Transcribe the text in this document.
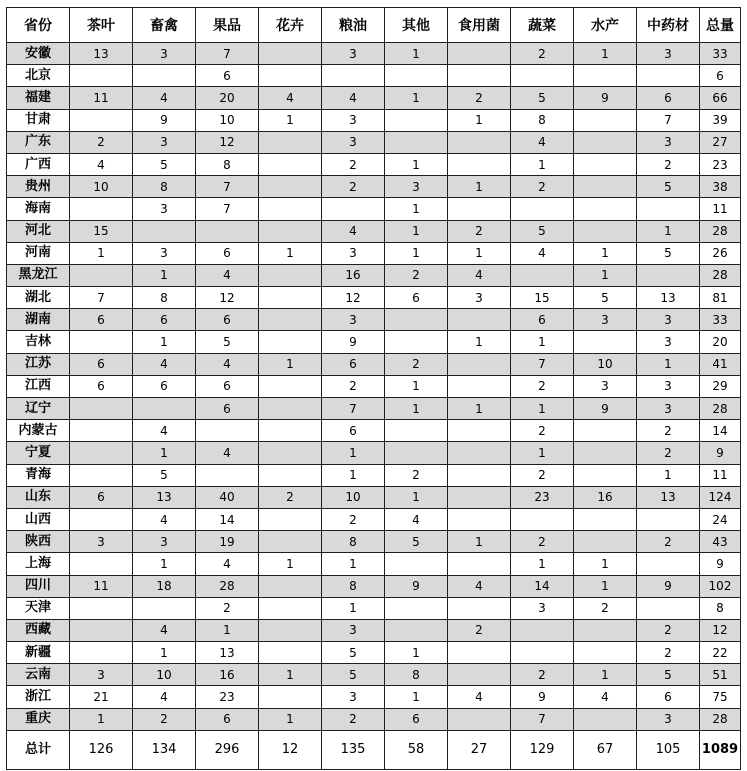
省份	茶叶	畜禽	果品	花卉	粮油	其他	食用菌	蔬菜	水产	中药材	总量
安徽	13	3	7		3	1		2	1	3	33
北京			6								6
福建	11	4	20	4	4	1	2	5	9	6	66
甘肃		9	10	1	3		1	8		7	39
广东	2	3	12		3			4		3	27
广西	4	5	8		2	1		1		2	23
贵州	10	8	7		2	3	1	2		5	38
海南		3	7			1					11
河北	15				4	1	2	5		1	28
河南	1	3	6	1	3	1	1	4	1	5	26
黑龙江		1	4		16	2	4		1		28
湖北	7	8	12		12	6	3	15	5	13	81
湖南	6	6	6		3			6	3	3	33
吉林		1	5		9		1	1		3	20
江苏	6	4	4	1	6	2		7	10	1	41
江西	6	6	6		2	1		2	3	3	29
辽宁			6		7	1	1	1	9	3	28
内蒙古		4			6			2		2	14
宁夏		1	4		1			1		2	9
青海		5			1	2		2		1	11
山东	6	13	40	2	10	1		23	16	13	124
山西		4	14		2	4					24
陕西	3	3	19		8	5	1	2		2	43
上海		1	4	1	1			1	1		9
四川	11	18	28		8	9	4	14	1	9	102
天津			2		1			3	2		8
西藏		4	1		3		2			2	12
新疆		1	13		5	1				2	22
云南	3	10	16	1	5	8		2	1	5	51
浙江	21	4	23		3	1	4	9	4	6	75
重庆	1	2	6	1	2	6		7		3	28
总计	126	134	296	12	135	58	27	129	67	105	1089
